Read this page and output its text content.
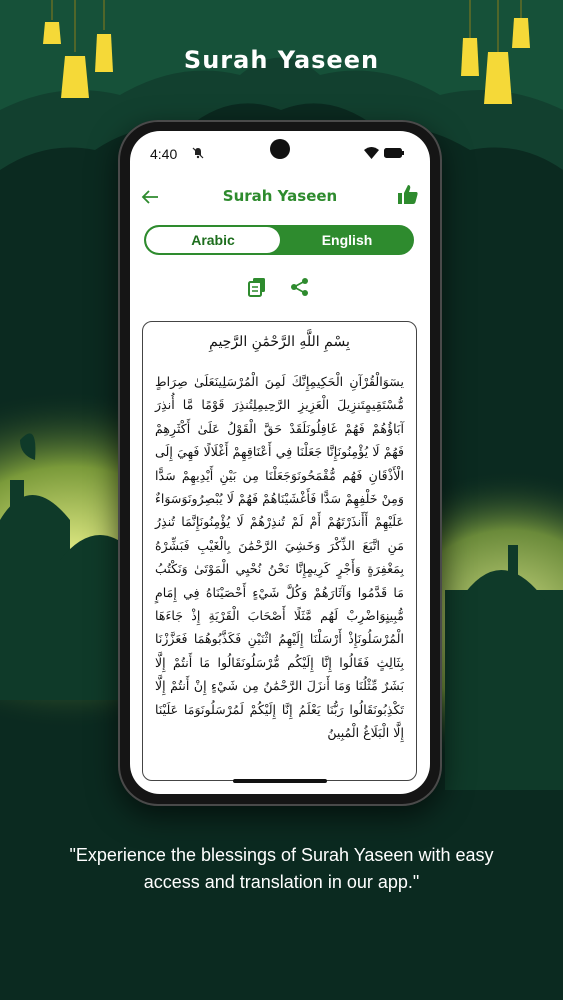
Surah Yaseen
4:40
Surah Yaseen
Arabic	English
بِسْمِ اللَّهِ الرَّحْمَٰنِ الرَّحِيمِ
يسٓوَالْقُرْآنِ الْحَكِيمِإِنَّكَ لَمِنَ الْمُرْسَلِينَعَلَىٰ صِرَاطٍ مُّسْتَقِيمٍتَنزِيلَ الْعَزِيزِ الرَّحِيمِلِتُنذِرَ قَوْمًا مَّا أُنذِرَ آبَاؤُهُمْ فَهُمْ غَافِلُونَلَقَدْ حَقَّ الْقَوْلُ عَلَىٰ أَكْثَرِهِمْ فَهُمْ لَا يُؤْمِنُونَإِنَّا جَعَلْنَا فِي أَعْنَاقِهِمْ أَغْلَالًا فَهِيَ إِلَى الْأَذْقَانِ فَهُم مُّقْمَحُونَوَجَعَلْنَا مِن بَيْنِ أَيْدِيهِمْ سَدًّا وَمِنْ خَلْفِهِمْ سَدًّا فَأَغْشَيْنَاهُمْ فَهُمْ لَا يُبْصِرُونَوَسَوَاءٌ عَلَيْهِمْ أَأَنذَرْتَهُمْ أَمْ لَمْ تُنذِرْهُمْ لَا يُؤْمِنُونَإِنَّمَا تُنذِرُ مَنِ اتَّبَعَ الذِّكْرَ وَخَشِيَ الرَّحْمَٰنَ بِالْغَيْبِ فَبَشِّرْهُ بِمَغْفِرَةٍ وَأَجْرٍ كَرِيمٍإِنَّا نَحْنُ نُحْيِي الْمَوْتَىٰ وَنَكْتُبُ مَا قَدَّمُوا وَآثَارَهُمْ وَكُلَّ شَيْءٍ أَحْصَيْنَاهُ فِي إِمَامٍ مُّبِينٍوَاضْرِبْ لَهُم مَّثَلًا أَصْحَابَ الْقَرْيَةِ إِذْ جَاءَهَا الْمُرْسَلُونَإِذْ أَرْسَلْنَا إِلَيْهِمُ اثْنَيْنِ فَكَذَّبُوهُمَا فَعَزَّزْنَا بِثَالِثٍ فَقَالُوا إِنَّا إِلَيْكُم مُّرْسَلُونَقَالُوا مَا أَنتُمْ إِلَّا بَشَرٌ مِّثْلُنَا وَمَا أَنزَلَ الرَّحْمَٰنُ مِن شَيْءٍ إِنْ أَنتُمْ إِلَّا تَكْذِبُونَقَالُوا رَبُّنَا يَعْلَمُ إِنَّا إِلَيْكُمْ لَمُرْسَلُونَوَمَا عَلَيْنَا إِلَّا الْبَلَاغُ الْمُبِينُ
"Experience the blessings of Surah Yaseen with easy access and translation in our app."
